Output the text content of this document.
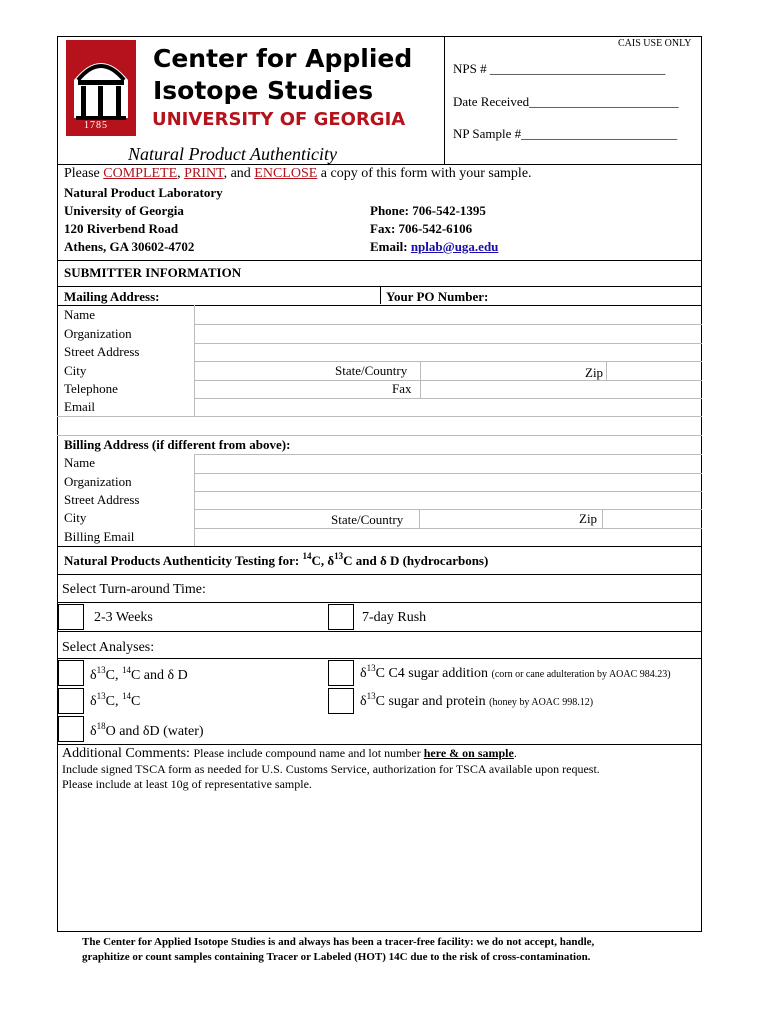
CAIS USE ONLY
NPS # ___________________________
Date Received_______________________
NP Sample #________________________
1785
Center for Applied
Isotope Studies
UNIVERSITY OF GEORGIA
Natural Product Authenticity
Please COMPLETE, PRINT, and ENCLOSE a copy of this form with your sample.
Natural Product Laboratory
University of Georgia
120 Riverbend Road
Athens, GA 30602-4702
Phone: 706-542-1395
Fax: 706-542-6106
Email: nplab@uga.edu
SUBMITTER INFORMATION
Mailing Address:	Your PO Number:
Name
Organization
Street Address
City	State/Country	Zip
Telephone	Fax
Email
Billing Address (if different from above):
Name
Organization
Street Address
City	State/Country	Zip
Billing Email
Natural Products Authenticity Testing for: $^{14}$C, $\delta^{13}C$ and δ D (hydrocarbons)
Select Turn-around Time:
2-3 Weeks	7-day Rush
Select Analyses:
$\delta^{13}C$, $^{14}$C and δ D
$\delta^{13}C$, $^{14}$C
$\delta^{18}O$ and δD (water)
$\delta^{13}C$ C4 sugar addition (corn or cane adulteration by AOAC 984.23)
$\delta^{13}C$ sugar and protein (honey by AOAC 998.12)
Additional Comments: Please include compound name and lot number here & on sample.
Include signed TSCA form as needed for U.S. Customs Service, authorization for TSCA available upon request.
Please include at least 10g of representative sample.
The Center for Applied Isotope Studies is and always has been a tracer-free facility: we do not accept, handle,
graphitize or count samples containing Tracer or Labeled (HOT) 14C due to the risk of cross-contamination.
